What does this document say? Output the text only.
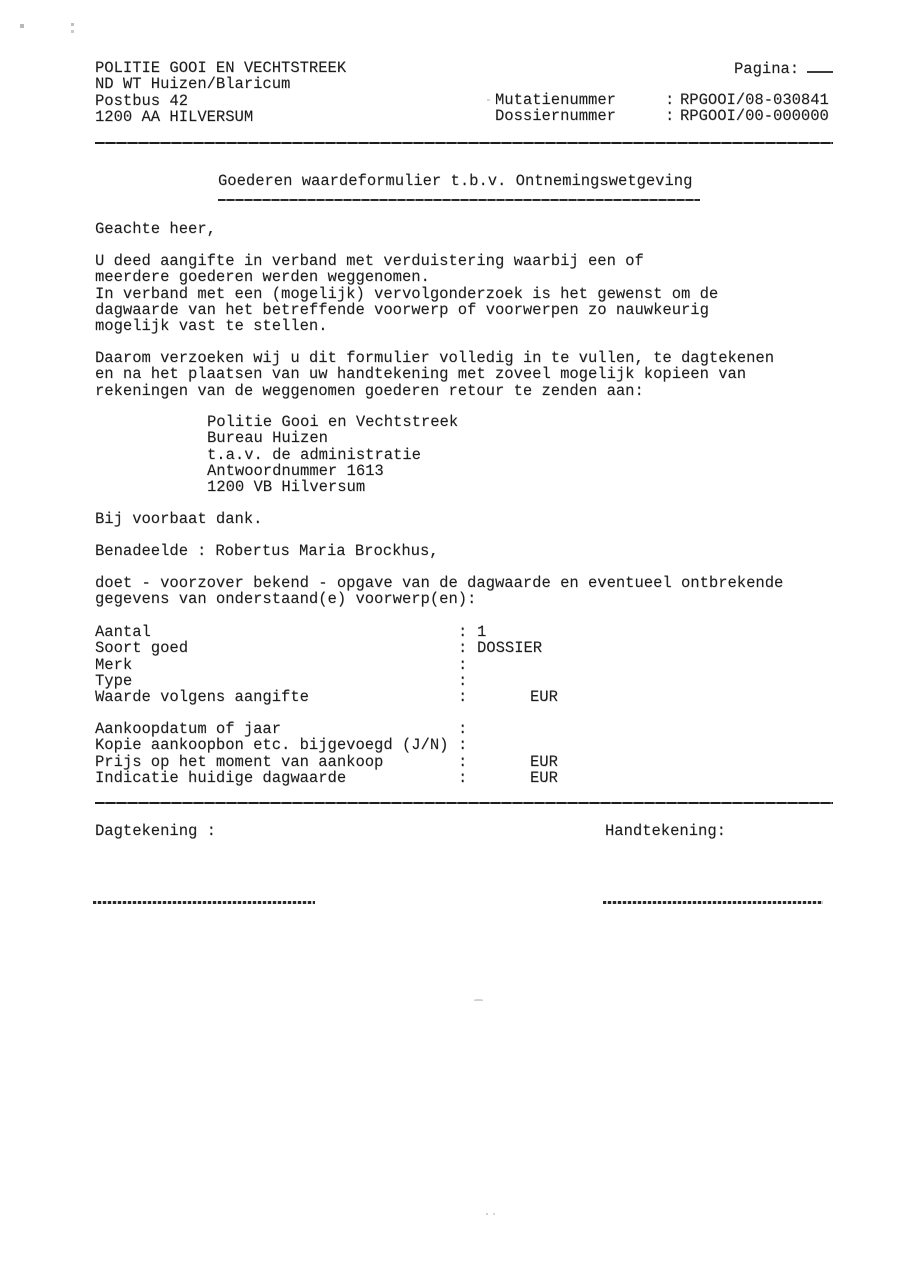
POLITIE GOOI EN VECHTSTREEK
ND WT Huizen/Blaricum
Postbus 42
1200 AA HILVERSUM
Pagina:
Mutatienummer	: RPGOOI/08-030841
Dossiernummer	: RPGOOI/00-000000
Goederen waardeformulier t.b.v. Ontnemingswetgeving
Geachte heer,
U deed aangifte in verband met verduistering waarbij een of
meerdere goederen werden weggenomen.
In verband met een (mogelijk) vervolgonderzoek is het gewenst om de
dagwaarde van het betreffende voorwerp of voorwerpen zo nauwkeurig
mogelijk vast te stellen.
Daarom verzoeken wij u dit formulier volledig in te vullen, te dagtekenen
en na het plaatsen van uw handtekening met zoveel mogelijk kopieen van
rekeningen van de weggenomen goederen retour te zenden aan:
Politie Gooi en Vechtstreek
Bureau Huizen
t.a.v. de administratie
Antwoordnummer 1613
1200 VB Hilversum
Bij voorbaat dank.
Benadeelde : Robertus Maria Brockhus,
doet - voorzover bekend - opgave van de dagwaarde en eventueel ontbrekende
gegevens van onderstaand(e) voorwerp(en):
Aantal	: 1
Soort goed	: DOSSIER
Merk	:
Type	:
Waarde volgens aangifte	:	EUR
Aankoopdatum of jaar	:
Kopie aankoopbon etc. bijgevoegd (J/N) :
Prijs op het moment van aankoop	:	EUR
Indicatie huidige dagwaarde	:	EUR
Dagtekening :	Handtekening:
